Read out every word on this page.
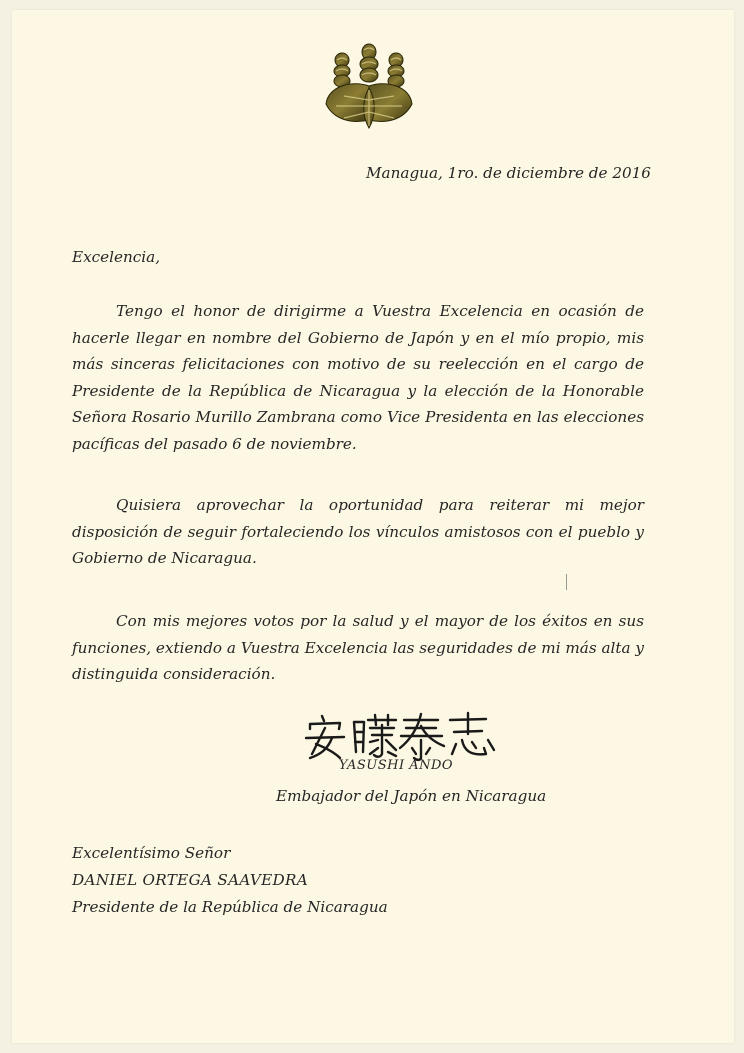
Managua, 1ro. de diciembre de 2016
Excelencia,
Tengo el honor de dirigirme a Vuestra Excelencia en ocasión de hacerle llegar en nombre del Gobierno de Japón y en el mío propio, mis más sinceras felicitaciones con motivo de su reelección en el cargo de Presidente de la República de Nicaragua y la elección de la Honorable Señora Rosario Murillo Zambrana como Vice Presidenta en las elecciones pacíficas del pasado 6 de noviembre.
Quisiera aprovechar la oportunidad para reiterar mi mejor disposición de seguir fortaleciendo los vínculos amistosos con el pueblo y Gobierno de Nicaragua.
Con mis mejores votos por la salud y el mayor de los éxitos en sus funciones, extiendo a Vuestra Excelencia las seguridades de mi más alta y distinguida consideración.
YASUSHI ANDO
Embajador del Japón en Nicaragua
Excelentísimo Señor
DANIEL ORTEGA SAAVEDRA
Presidente de la República de Nicaragua
